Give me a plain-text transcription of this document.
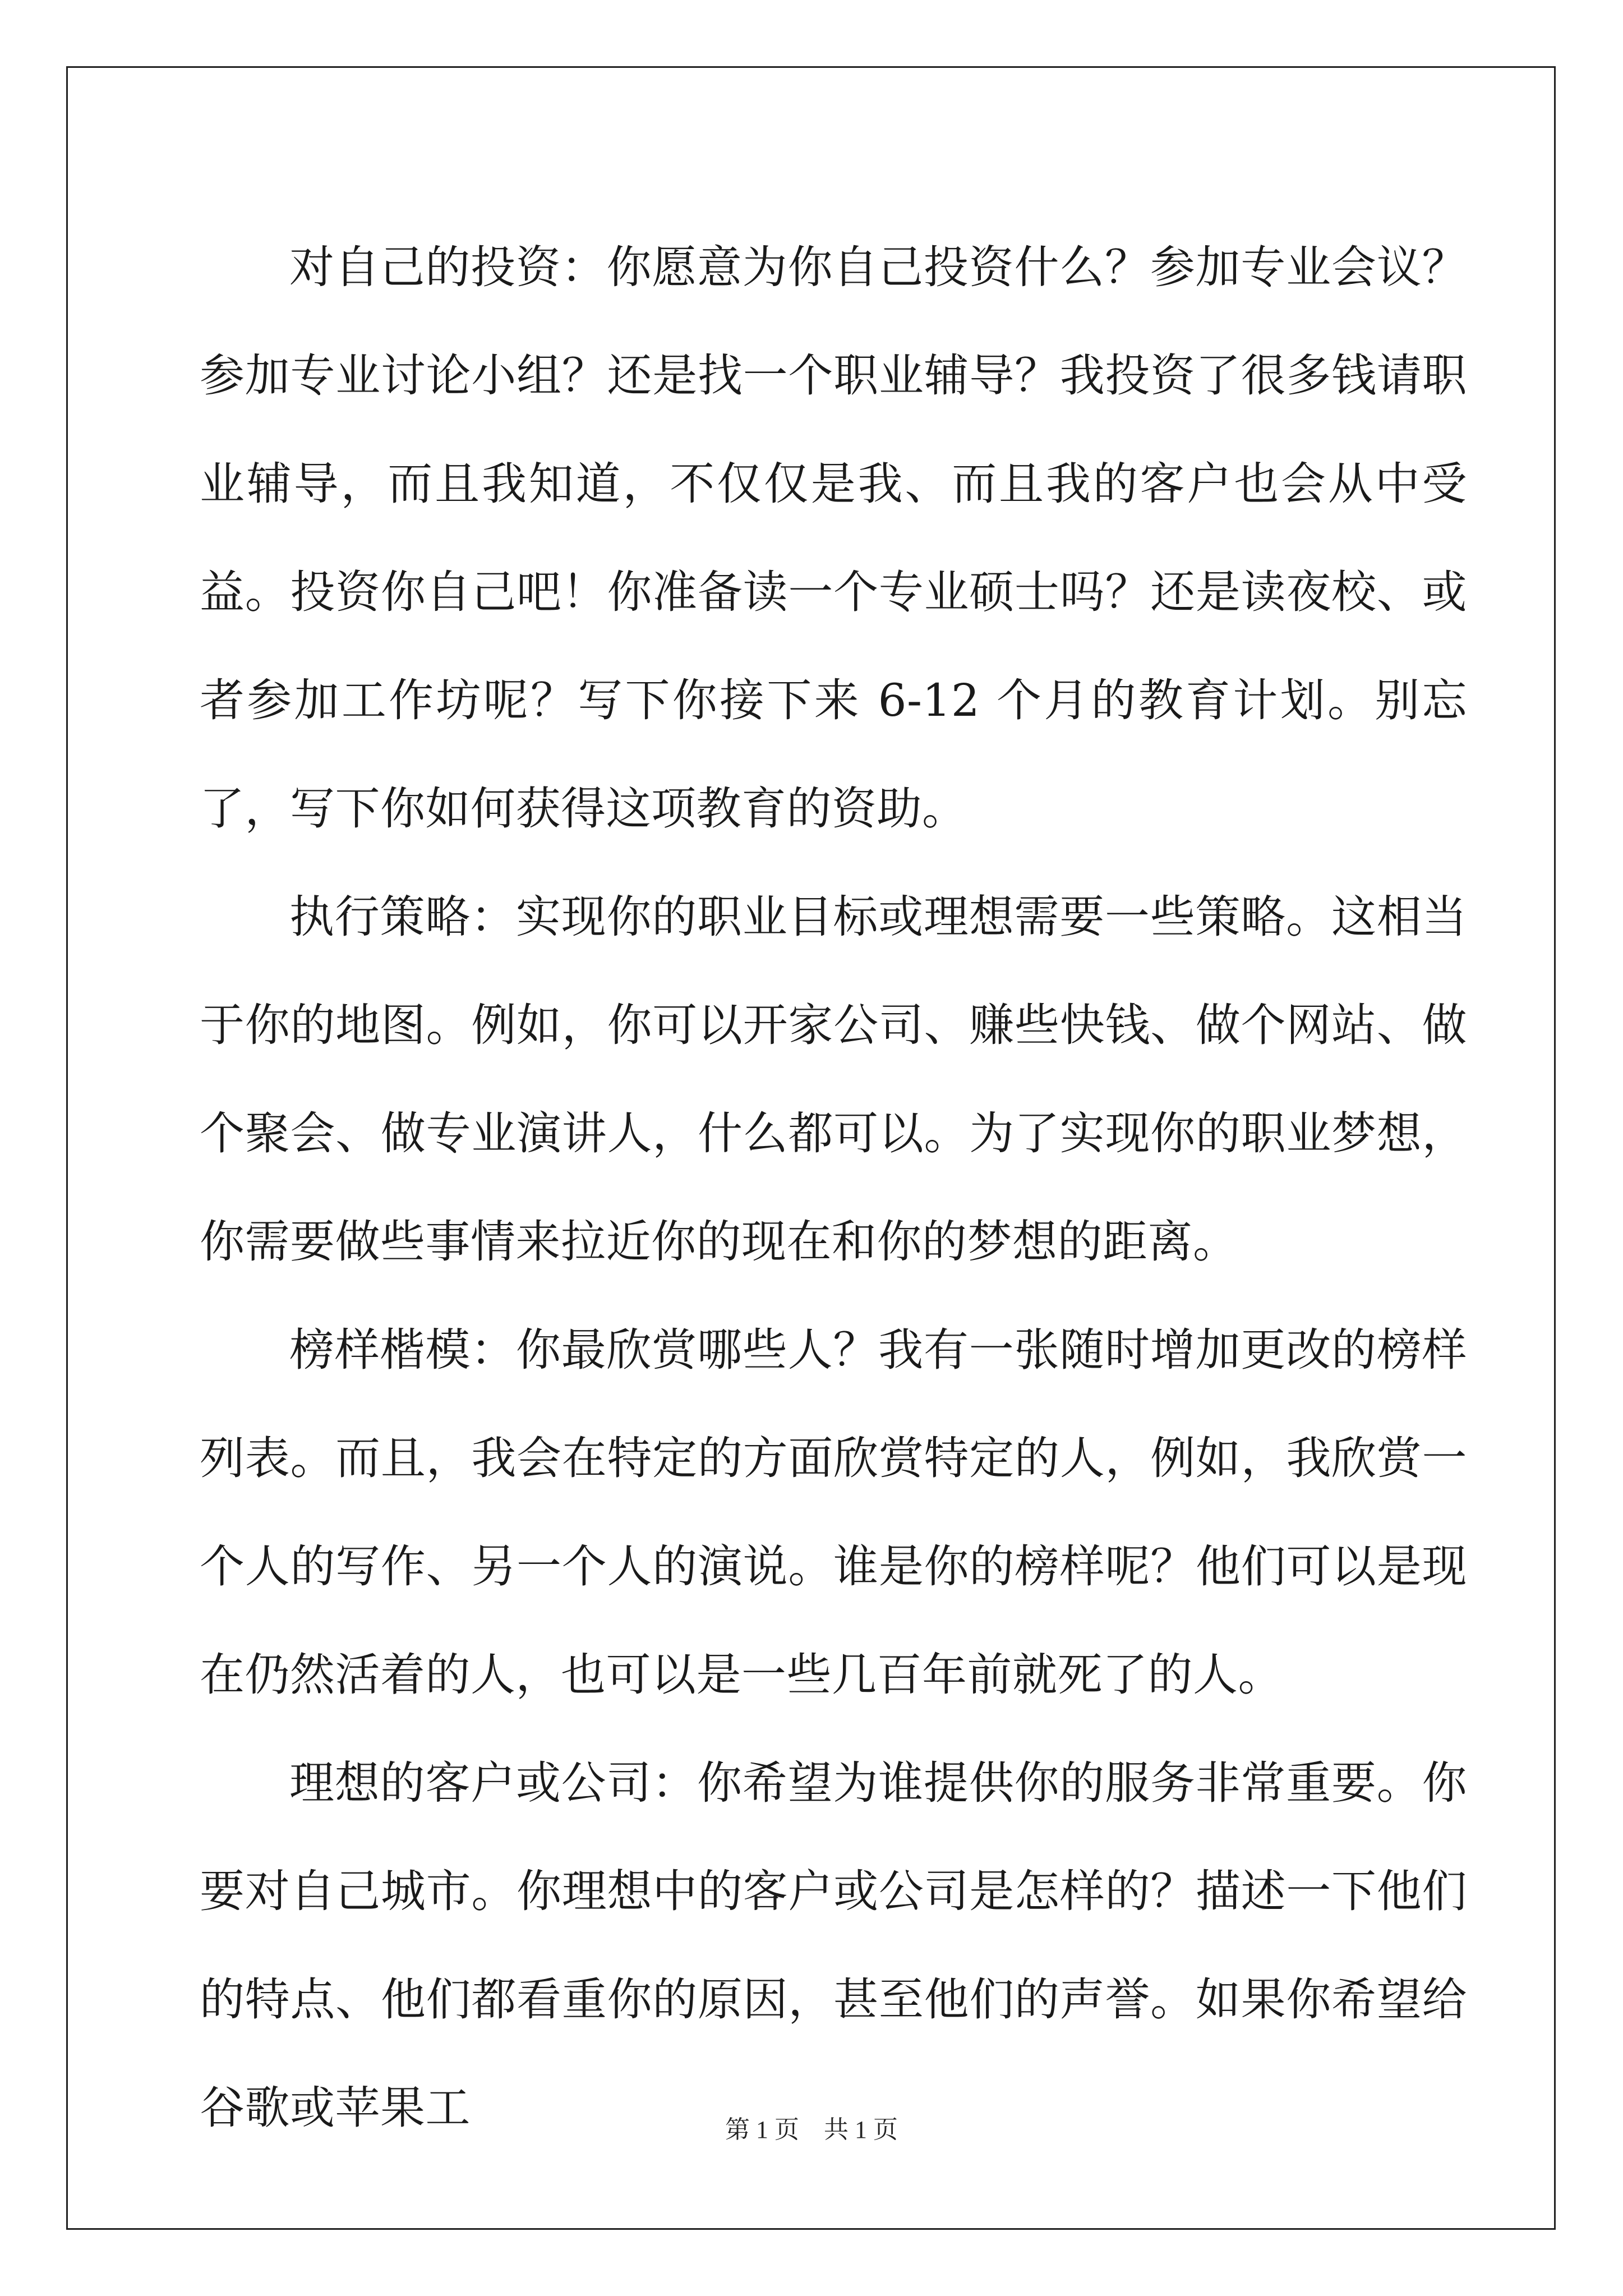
对自己的投资：你愿意为你自己投资什么？参加专业会议？参加专业讨论小组？还是找一个职业辅导？我投资了很多钱请职业辅导，而且我知道，不仅仅是我、而且我的客户也会从中受益。投资你自己吧！你准备读一个专业硕士吗？还是读夜校、或者参加工作坊呢？写下你接下来 6-12 个月的教育计划。别忘了，写下你如何获得这项教育的资助。

执行策略：实现你的职业目标或理想需要一些策略。这相当于你的地图。例如，你可以开家公司、赚些快钱、做个网站、做个聚会、做专业演讲人，什么都可以。为了实现你的职业梦想，你需要做些事情来拉近你的现在和你的梦想的距离。

榜样楷模：你最欣赏哪些人？我有一张随时增加更改的榜样列表。而且，我会在特定的方面欣赏特定的人，例如，我欣赏一个人的写作、另一个人的演说。谁是你的榜样呢？他们可以是现在仍然活着的人，也可以是一些几百年前就死了的人。

理想的客户或公司：你希望为谁提供你的服务非常重要。你要对自己城市。你理想中的客户或公司是怎样的？描述一下他们的特点、他们都看重你的原因，甚至他们的声誉。如果你希望给谷歌或苹果工	第 1 页　共 1 页
